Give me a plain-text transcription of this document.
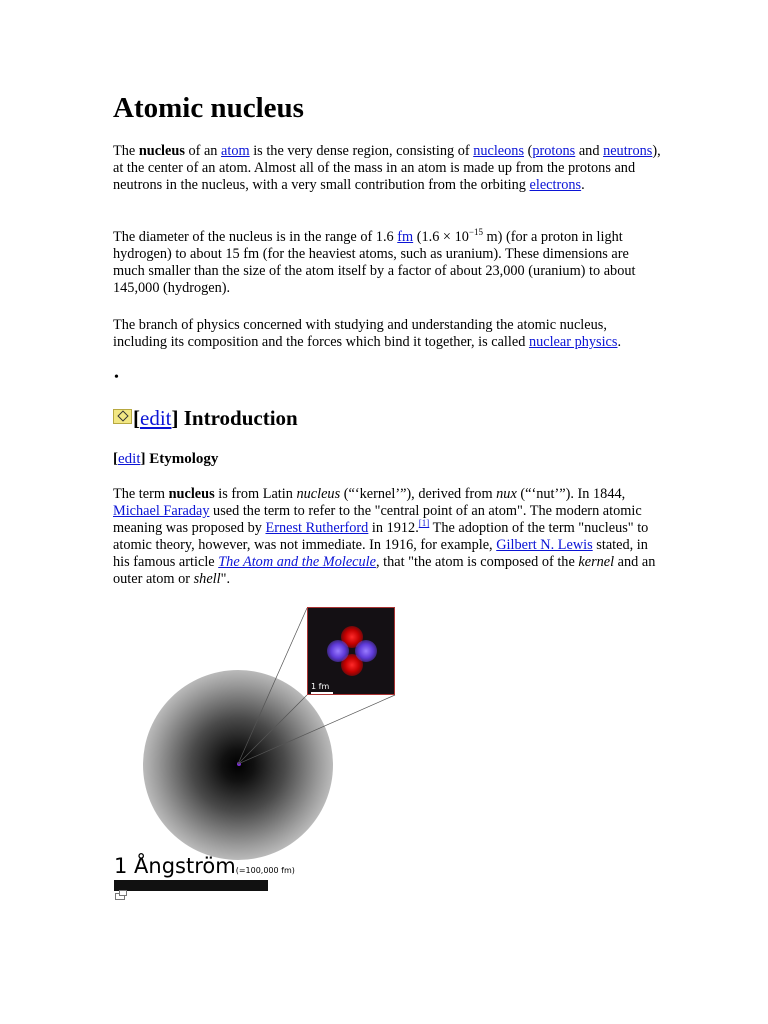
Atomic nucleus

The nucleus of an atom is the very dense region, consisting of nucleons (protons and neutrons), at the center of an atom. Almost all of the mass in an atom is made up from the protons and neutrons in the nucleus, with a very small contribution from the orbiting electrons.

The diameter of the nucleus is in the range of 1.6 fm ($1.6 \times 10^{-15}$ m) (for a proton in light hydrogen) to about 15 fm (for the heaviest atoms, such as uranium). These dimensions are much smaller than the size of the atom itself by a factor of about 23,000 (uranium) to about 145,000 (hydrogen).

The branch of physics concerned with studying and understanding the atomic nucleus, including its composition and the forces which bind it together, is called nuclear physics.

•
[edit] Introduction
[edit] Etymology

The term nucleus is from Latin nucleus (“‘kernel’”), derived from nux (“‘nut’”). In 1844, Michael Faraday used the term to refer to the "central point of an atom". The modern atomic meaning was proposed by Ernest Rutherford in 1912.[1] The adoption of the term "nucleus" to atomic theory, however, was not immediate. In 1916, for example, Gilbert N. Lewis stated, in his famous article The Atom and the Molecule, that "the atom is composed of the kernel and an outer atom or shell".

1 fm
1 Ångström(=100,000 fm)
